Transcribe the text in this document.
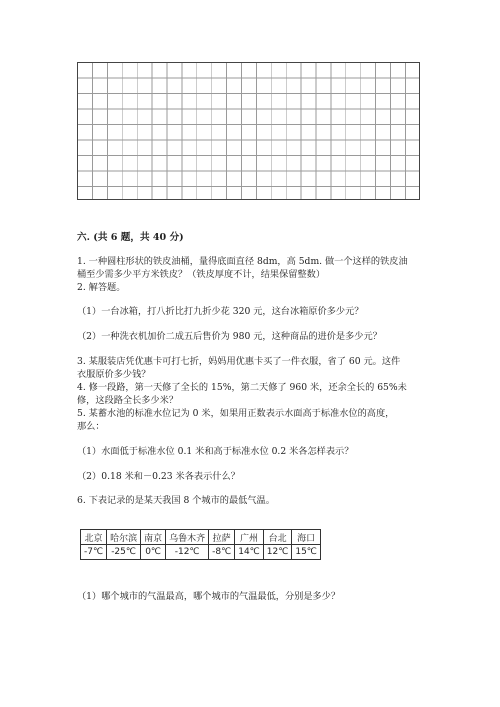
六. (共 6 题，共 40 分)
1. 一种圆柱形状的铁皮油桶，量得底面直径 8dm，高 5dm. 做一个这样的铁皮油
桶至少需多少平方米铁皮？（铁皮厚度不计，结果保留整数）
2. 解答题。
（1）一台冰箱，打八折比打九折少花 320 元，这台冰箱原价多少元？
（2）一种洗衣机加价二成五后售价为 980 元，这种商品的进价是多少元？
3. 某服装店凭优惠卡可打七折，妈妈用优惠卡买了一件衣服，省了 60 元。这件
衣服原价多少钱？
4. 修一段路，第一天修了全长的 15%，第二天修了 960 米，还余全长的 65%未
修，这段路全长多少米？
5. 某蓄水池的标准水位记为 0 米，如果用正数表示水面高于标准水位的高度，
那么：
（1）水面低于标准水位 0.1 米和高于标准水位 0.2 米各怎样表示？
（2）0.18 米和－0.23 米各表示什么？
6. 下表记录的是某天我国 8 个城市的最低气温。
北京	哈尔滨	南京	乌鲁木齐	拉萨	广州	台北	海口
-7℃	-25℃	0℃	-12℃	-8℃	14℃	12℃	15℃
（1）哪个城市的气温最高，哪个城市的气温最低，分别是多少？
